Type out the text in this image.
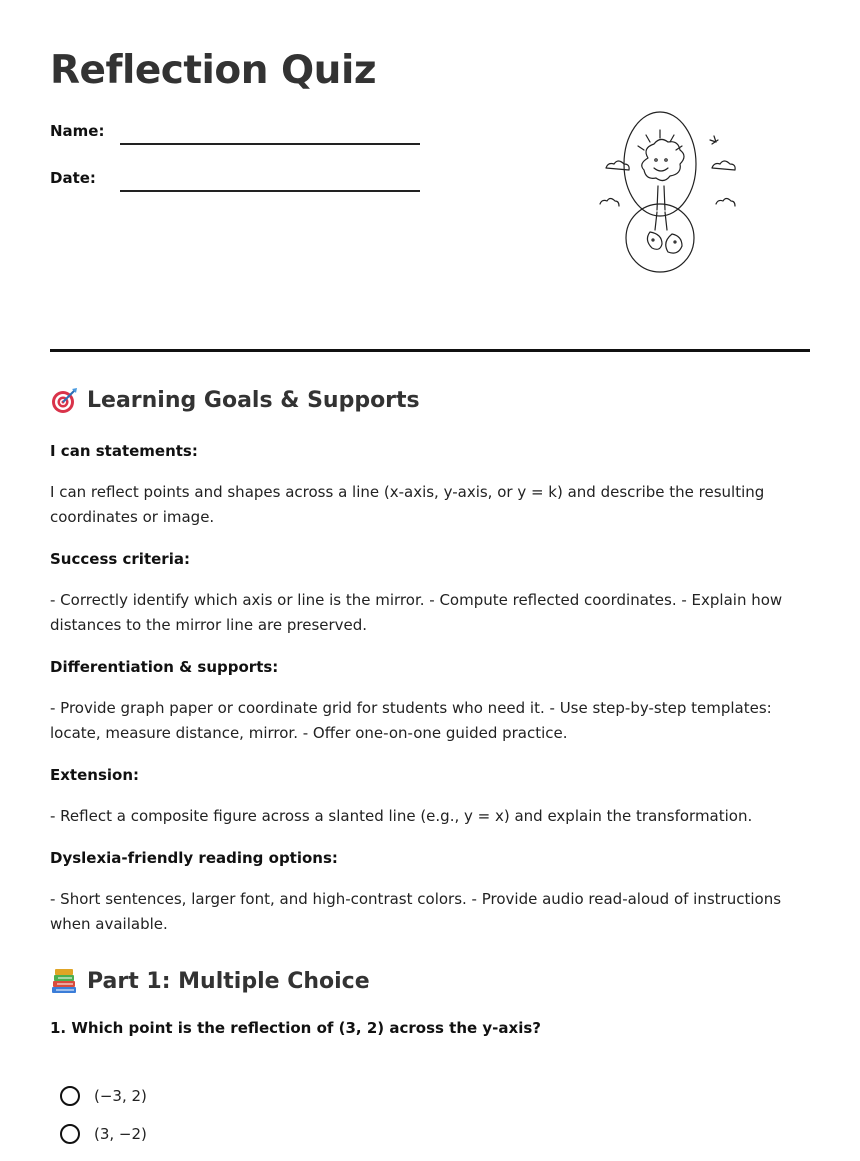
Reflection Quiz
Name:
Date:
Learning Goals & Supports

I can statements:

I can reflect points and shapes across a line (x-axis, y-axis, or y = k) and describe the resulting coordinates or image.

Success criteria:

- Correctly identify which axis or line is the mirror. - Compute reflected coordinates. - Explain how distances to the mirror line are preserved.

Differentiation & supports:

- Provide graph paper or coordinate grid for students who need it. - Use step-by-step templates: locate, measure distance, mirror. - Offer one-on-one guided practice.

Extension:

- Reflect a composite figure across a slanted line (e.g., y = x) and explain the transformation.

Dyslexia-friendly reading options:

- Short sentences, larger font, and high-contrast colors. - Provide audio read-aloud of instructions when available.

Part 1: Multiple Choice

1. Which point is the reflection of (3, 2) across the y-axis?

(−3, 2)
(3, −2)
